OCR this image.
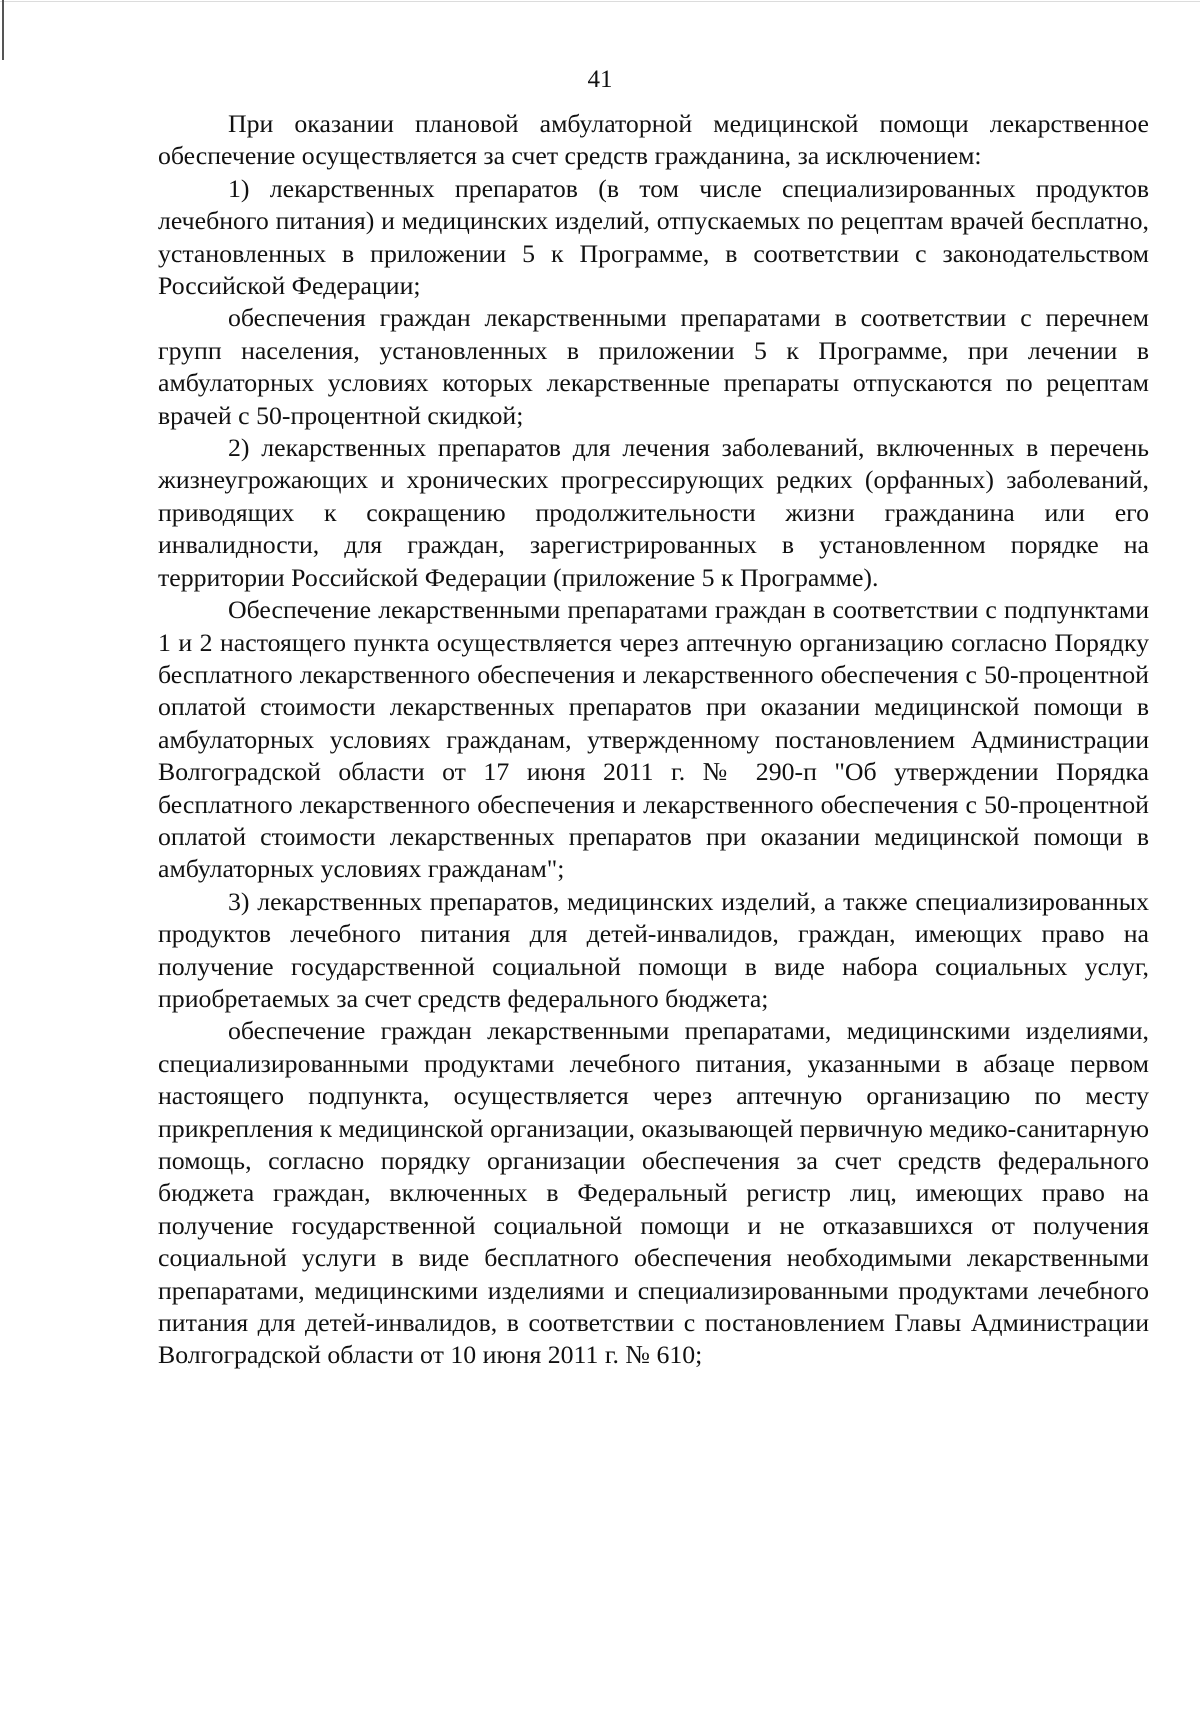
41

При оказании плановой амбулаторной медицинской помощи лекарственное обеспечение осуществляется за счет средств гражданина, за исключением:

1) лекарственных препаратов (в том числе специализированных продуктов лечебного питания) и медицинских изделий, отпускаемых по рецептам врачей бесплатно, установленных в приложении 5 к Программе, в соответствии с законодательством Российской Федерации;

обеспечения граждан лекарственными препаратами в соответствии с перечнем групп населения, установленных в приложении 5 к Программе, при лечении в амбулаторных условиях которых лекарственные препараты отпускаются по рецептам врачей с 50-процентной скидкой;

2) лекарственных препаратов для лечения заболеваний, включенных в перечень жизнеугрожающих и хронических прогрессирующих редких (орфанных) заболеваний, приводящих к сокращению продолжительности жизни гражданина или его инвалидности, для граждан, зарегистрированных в установленном порядке на территории Российской Федерации (приложение 5 к Программе).

Обеспечение лекарственными препаратами граждан в соответствии с подпунктами 1 и 2 настоящего пункта осуществляется через аптечную организацию согласно Порядку бесплатного лекарственного обеспечения и лекарственного обеспечения с 50-процентной оплатой стоимости лекарственных препаратов при оказании медицинской помощи в амбулаторных условиях гражданам, утвержденному постановлением Администрации Волгоградской области от 17 июня 2011 г. № 290-п "Об утверждении Порядка бесплатного лекарственного обеспечения и лекарственного обеспечения с 50-процентной оплатой стоимости лекарственных препаратов при оказании медицинской помощи в амбулаторных условиях гражданам";

3) лекарственных препаратов, медицинских изделий, а также специализированных продуктов лечебного питания для детей-инвалидов, граждан, имеющих право на получение государственной социальной помощи в виде набора социальных услуг, приобретаемых за счет средств федерального бюджета;

обеспечение граждан лекарственными препаратами, медицинскими изделиями, специализированными продуктами лечебного питания, указанными в абзаце первом настоящего подпункта, осуществляется через аптечную организацию по месту прикрепления к медицинской организации, оказывающей первичную медико-санитарную помощь, согласно порядку организации обеспечения за счет средств федерального бюджета граждан, включенных в Федеральный регистр лиц, имеющих право на получение государственной социальной помощи и не отказавшихся от получения социальной услуги в виде бесплатного обеспечения необходимыми лекарственными препаратами, медицинскими изделиями и специализированными продуктами лечебного питания для детей-инвалидов, в соответствии с постановлением Главы Администрации Волгоградской области от 10 июня 2011 г. № 610;
